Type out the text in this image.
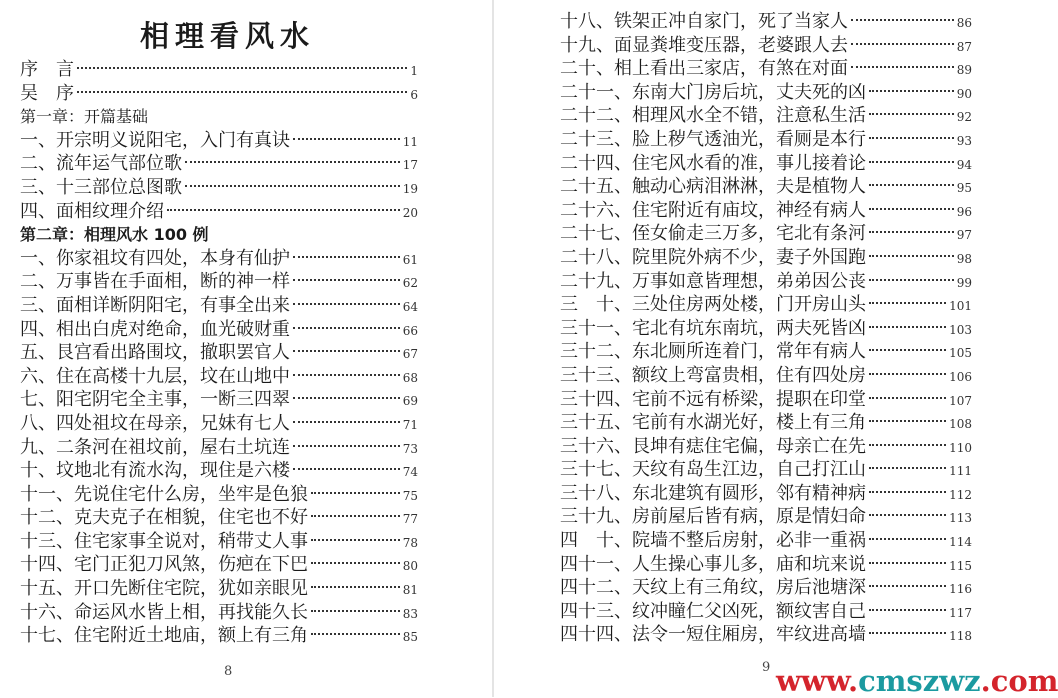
相理看风水
序　言	1
吴　序	6
第一章：开篇基础
一、开宗明义说阳宅，入门有真诀	11
二、流年运气部位歌	17
三、十三部位总图歌	19
四、面相纹理介绍	20
第二章：相理风水 100 例
一、你家祖坟有四处，本身有仙护	61
二、万事皆在手面相，断的神一样	62
三、面相详断阴阳宅，有事全出来	64
四、相出白虎对绝命，血光破财重	66
五、艮宫看出路围坟，撤职罢官人	67
六、住在高楼十九层，坟在山地中	68
七、阳宅阴宅全主事，一断三四翠	69
八、四处祖坟在母亲，兄妹有七人	71
九、二条河在祖坟前，屋右土坑连	73
十、坟地北有流水沟，现住是六楼	74
十一、先说住宅什么房，坐牢是色狼	75
十二、克夫克子在相貌，住宅也不好	77
十三、住宅家事全说对，稍带丈人事	78
十四、宅门正犯刀风煞，伤疤在下巴	80
十五、开口先断住宅院，犹如亲眼见	81
十六、命运风水皆上相，再找能久长	83
十七、住宅附近土地庙，额上有三角	85
8
十八、铁架正冲自家门，死了当家人	86
十九、面显粪堆变压器，老婆跟人去	87
二十、相上看出三家店，有煞在对面	89
二十一、东南大门房后坑，丈夫死的凶	90
二十二、相理风水全不错，注意私生活	92
二十三、脸上秽气透油光，看厕是本行	93
二十四、住宅风水看的准，事儿接着论	94
二十五、触动心病泪淋淋，夫是植物人	95
二十六、住宅附近有庙坟，神经有病人	96
二十七、侄女偷走三万多，宅北有条河	97
二十八、院里院外病不少，妻子外国跑	98
二十九、万事如意皆理想，弟弟因公丧	99
三　十、三处住房两处楼，门开房山头	101
三十一、宅北有坑东南坑，两夫死皆凶	103
三十二、东北厕所连着门，常年有病人	105
三十三、额纹上弯富贵相，住有四处房	106
三十四、宅前不远有桥梁，提职在印堂	107
三十五、宅前有水湖光好，楼上有三角	108
三十六、艮坤有痣住宅偏，母亲亡在先	110
三十七、天纹有岛生江边，自己打江山	111
三十八、东北建筑有圆形，邻有精神病	112
三十九、房前屋后皆有病，原是情妇命	113
四　十、院墙不整后房射，必非一重祸	114
四十一、人生操心事儿多，庙和坑来说	115
四十二、天纹上有三角纹，房后池塘深	116
四十三、纹冲瞳仁父凶死，额纹害自己	117
四十四、法令一短住厢房，牢纹进高墙	118
9 www.cmszwz.com
